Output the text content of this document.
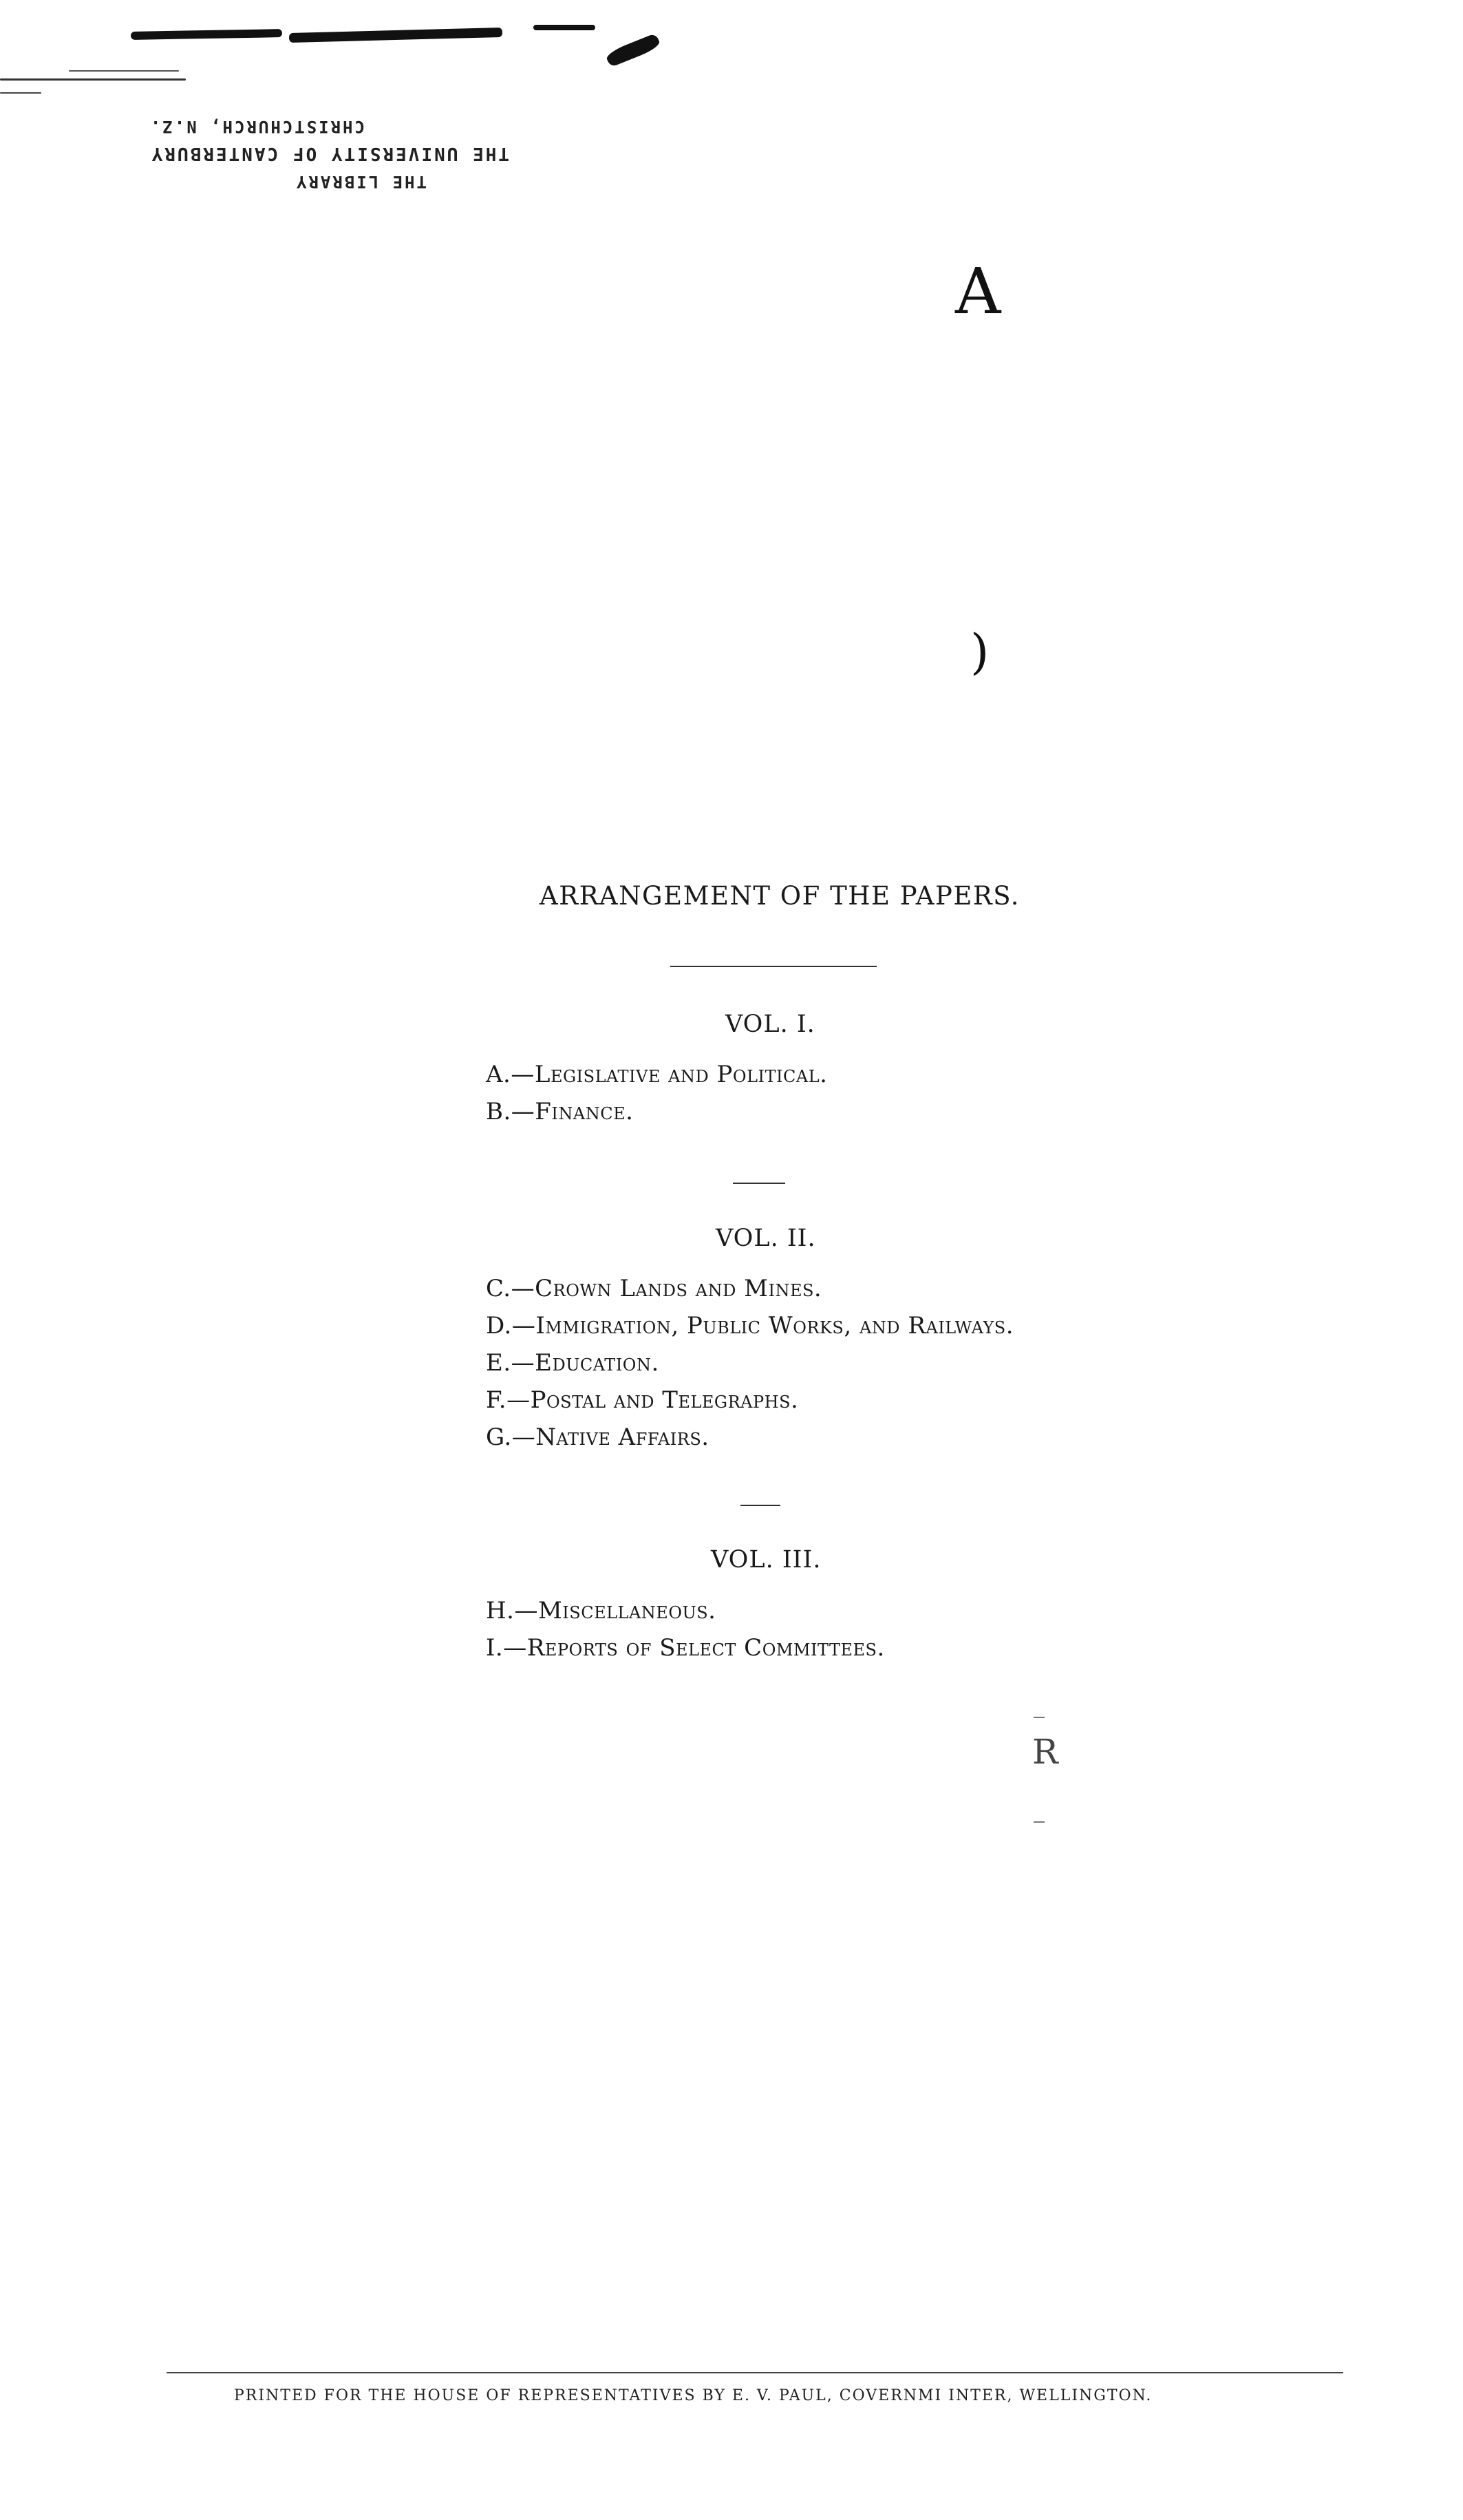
THE LIBRARY
THE UNIVERSITY OF CANTERBURY
CHRISTCHURCH, N.Z.
A
)
R
ARRANGEMENT OF THE PAPERS.
VOL. I.
A.—Legislative and Political.
B.—Finance.
VOL. II.
C.—Crown Lands and Mines.
D.—Immigration, Public Works, and Railways.
E.—Education.
F.—Postal and Telegraphs.
G.—Native Affairs.
VOL. III.
H.—Miscellaneous.
I.—Reports of Select Committees.

PRINTED FOR THE HOUSE OF REPRESENTATIVES BY E. V. PAUL, COVERNMI INTER, WELLINGTON.
